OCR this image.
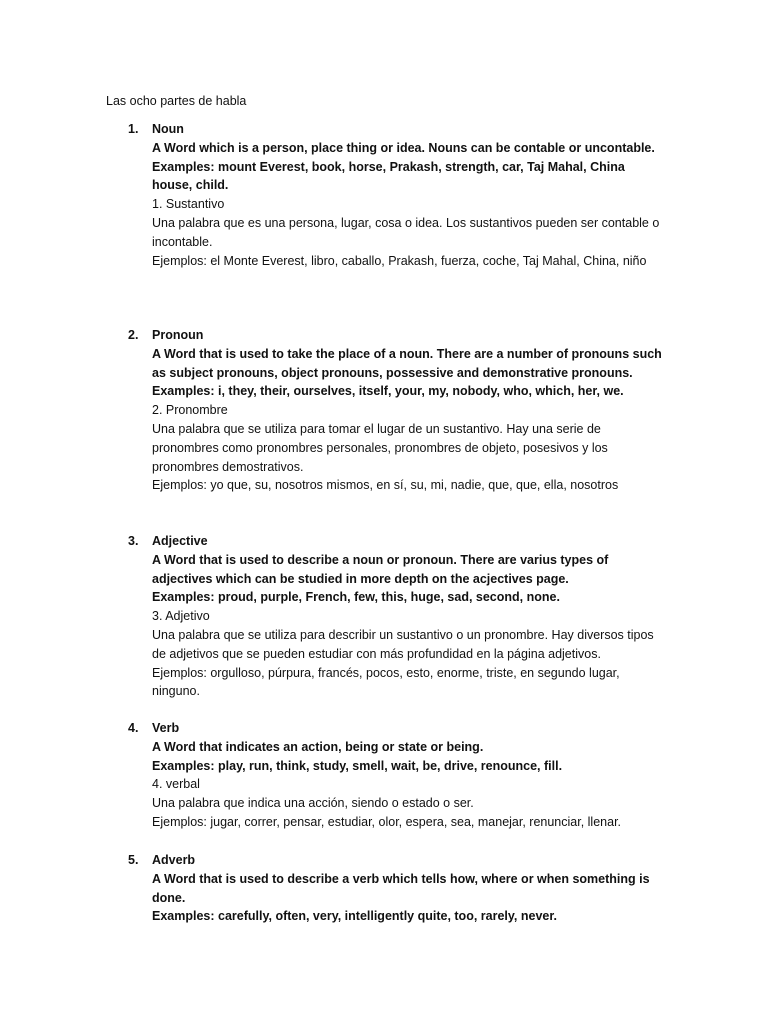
Las ocho partes de habla
1. Noun
A Word which is a person, place thing or idea. Nouns can be contable or uncontable.
Examples: mount Everest, book, horse, Prakash, strength, car, Taj Mahal, China house, child.
1. Sustantivo
Una palabra que es una persona, lugar, cosa o idea. Los sustantivos pueden ser contable o incontable.
Ejemplos: el Monte Everest, libro, caballo, Prakash, fuerza, coche, Taj Mahal, China, niño
2. Pronoun
A Word that is used to take the place of a noun. There are a number of pronouns such as subject pronouns, object pronouns, possessive and demonstrative pronouns.
Examples: i, they, their, ourselves, itself, your, my, nobody, who, which, her, we.
2. Pronombre
Una palabra que se utiliza para tomar el lugar de un sustantivo. Hay una serie de pronombres como pronombres personales, pronombres de objeto, posesivos y los pronombres demostrativos.
Ejemplos: yo que, su, nosotros mismos, en sí, su, mi, nadie, que, que, ella, nosotros
3. Adjective
A Word that is used to describe a noun or pronoun. There are varius types of adjectives which can be studied in more depth on the acjectives page.
Examples: proud, purple, French, few, this, huge, sad, second, none.
3. Adjetivo
Una palabra que se utiliza para describir un sustantivo o un pronombre. Hay diversos tipos de adjetivos que se pueden estudiar con más profundidad en la página adjetivos.
Ejemplos: orgulloso, púrpura, francés, pocos, esto, enorme, triste, en segundo lugar, ninguno.
4. Verb
A Word that indicates an action, being or state or being.
Examples: play, run, think, study, smell, wait, be, drive, renounce, fill.
4. verbal
Una palabra que indica una acción, siendo o estado o ser.
Ejemplos: jugar, correr, pensar, estudiar, olor, espera, sea, manejar, renunciar, llenar.
5. Adverb
A Word that is used to describe a verb which tells how, where or when something is done.
Examples: carefully, often, very, intelligently quite, too, rarely, never.
